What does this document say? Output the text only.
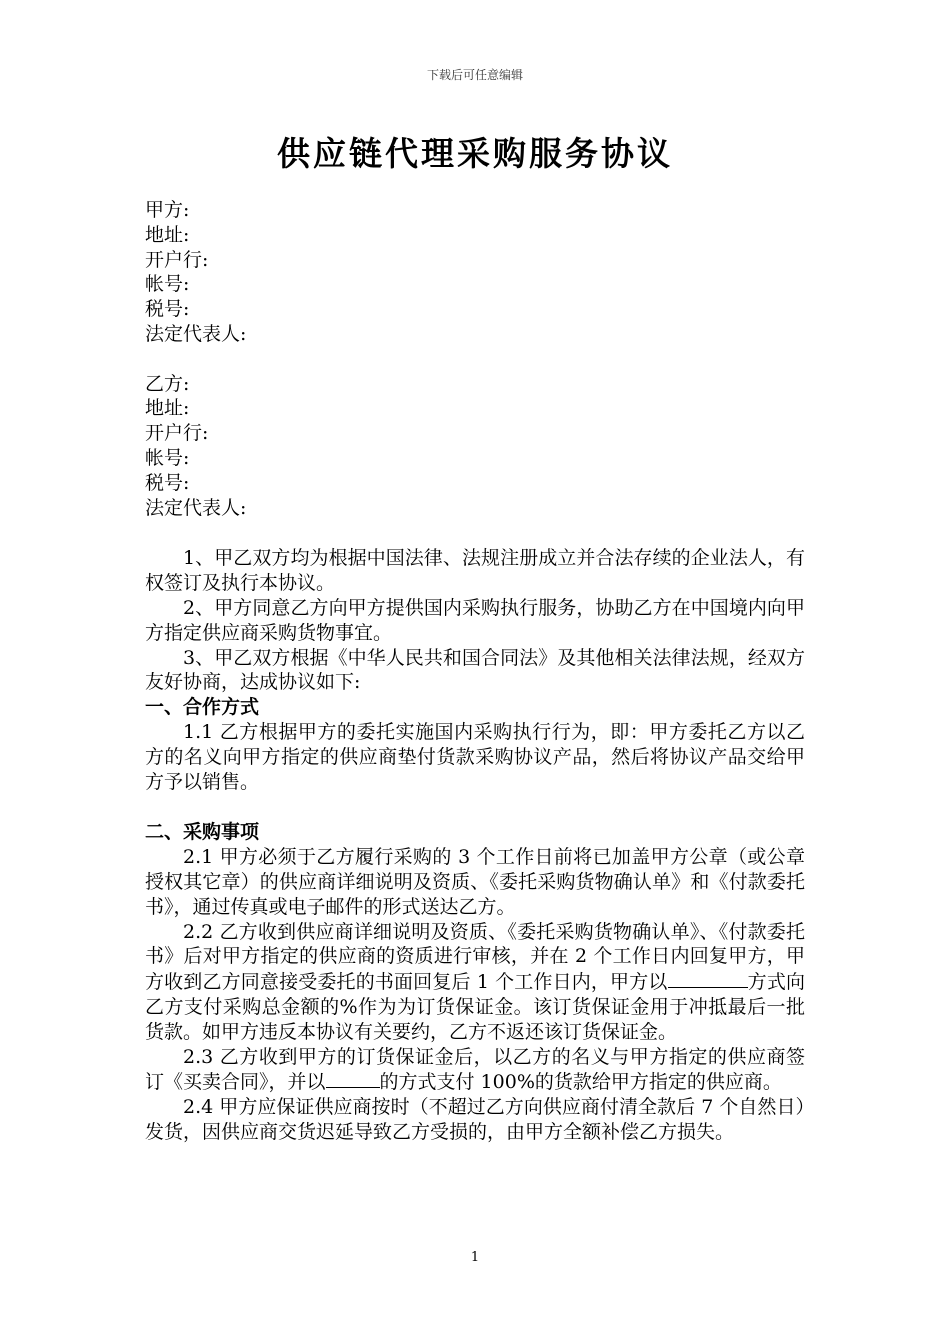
下载后可任意编辑
供应链代理采购服务协议
甲方:
地址:
开户行:
帐号:
税号:
法定代表人:
乙方:
地址:
开户行:
帐号:
税号:
法定代表人:

1、甲乙双方均为根据中国法律、法规注册成立并合法存续的企业法人，有权签订及执行本协议。

2、甲方同意乙方向甲方提供国内采购执行服务，协助乙方在中国境内向甲方指定供应商采购货物事宜。

3、甲乙双方根据《中华人民共和国合同法》及其他相关法律法规，经双方友好协商，达成协议如下:

一、合作方式

1.1 乙方根据甲方的委托实施国内采购执行行为，即：甲方委托乙方以乙方的名义向甲方指定的供应商垫付货款采购协议产品，然后将协议产品交给甲方予以销售。

二、采购事项

2.1 甲方必须于乙方履行采购的 3 个工作日前将已加盖甲方公章（或公章授权其它章）的供应商详细说明及资质、《委托采购货物确认单》和《付款委托书》，通过传真或电子邮件的形式送达乙方。

2.2 乙方收到供应商详细说明及资质、《委托采购货物确认单》、《付款委托书》后对甲方指定的供应商的资质进行审核，并在 2 个工作日内回复甲方，甲方收到乙方同意接受委托的书面回复后 1 个工作日内，甲方以	方式向乙方支付采购总金额的%作为为订货保证金。该订货保证金用于冲抵最后一批货款。如甲方违反本协议有关要约，乙方不返还该订货保证金。

2.3 乙方收到甲方的订货保证金后，以乙方的名义与甲方指定的供应商签订《买卖合同》，并以	的方式支付 100%的货款给甲方指定的供应商。

2.4 甲方应保证供应商按时（不超过乙方向供应商付清全款后 7 个自然日）发货，因供应商交货迟延导致乙方受损的，由甲方全额补偿乙方损失。

1
